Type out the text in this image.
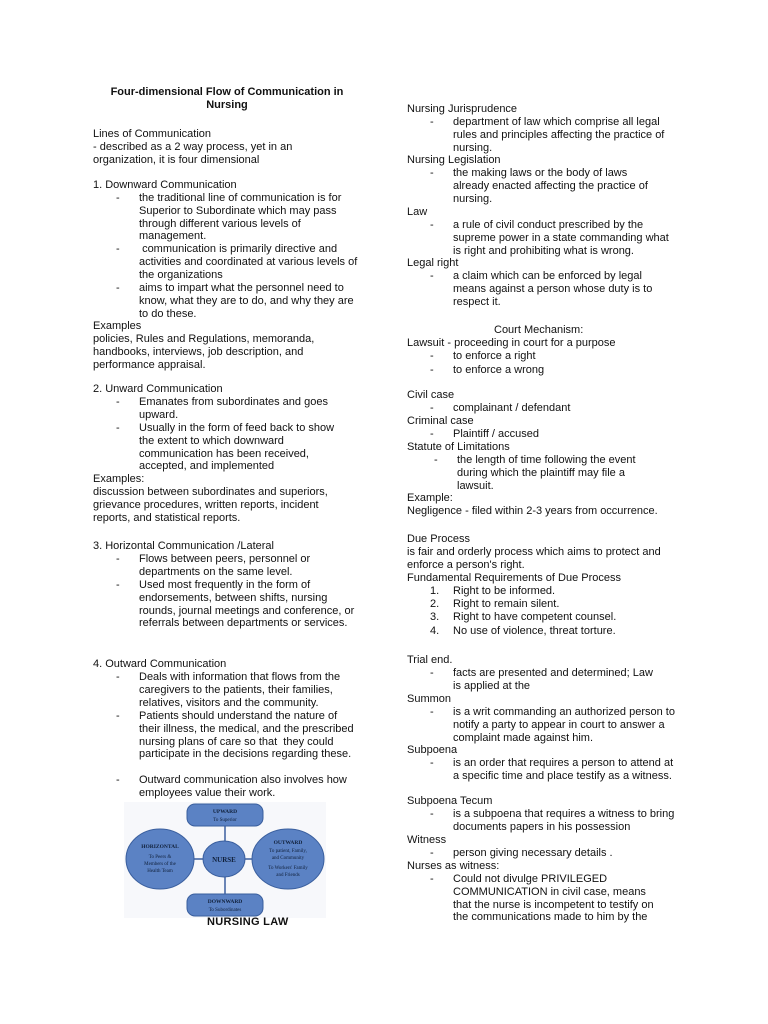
Four-dimensional Flow of Communication in Nursing
Lines of Communication
- described as a 2 way process, yet in an
organization, it is four dimensional
1. Downward Communication
- the traditional line of communication is for Superior to Subordinate which may pass through different various levels of management.
- communication is primarily directive and activities and coordinated at various levels of the organizations
- aims to impart what the personnel need to know, what they are to do, and why they are to do these.
Examples
policies, Rules and Regulations, memoranda,
handbooks, interviews, job description, and
performance appraisal.
2. Unward Communication
- Emanates from subordinates and goes upward.
- Usually in the form of feed back to show the extent to which downward communication has been received, accepted, and implemented
Examples:
discussion between subordinates and superiors,
grievance procedures, written reports, incident
reports, and statistical reports.
3. Horizontal Communication /Lateral
- Flows between peers, personnel or departments on the same level.
- Used most frequently in the form of endorsements, between shifts, nursing rounds, journal meetings and conference, or referrals between departments or services.
4. Outward Communication
- Deals with information that flows from the caregivers to the patients, their families, relatives, visitors and the community.
- Patients should understand the nature of their illness, the medical, and the prescribed nursing plans of care so that  they could participate in the decisions regarding these.
- Outward communication also involves how employees value their work.
UPWARD
To Superior
HORIZONTAL
To Peers &
Members of the
Health Team
NURSE
OUTWARD
To patient, Family,
and Community
To Workers' Family
and Friends
DOWNWARD
To Subordinates
NURSING LAW
Nursing Jurisprudence
- department of law which comprise all legal rules and principles affecting the practice of nursing.
Nursing Legislation
- the making laws or the body of laws already enacted affecting the practice of nursing.
Law
- a rule of civil conduct prescribed by the supreme power in a state commanding what is right and prohibiting what is wrong.
Legal right
- a claim which can be enforced by legal means against a person whose duty is to respect it.
Court Mechanism:
Lawsuit - proceeding in court for a purpose
- to enforce a right
- to enforce a wrong
Civil case
- complainant / defendant
Criminal case
- Plaintiff / accused
Statute of Limitations
- the length of time following the event during which the plaintiff may file a lawsuit.
Example:
Negligence - filed within 2-3 years from occurrence.
Due Process
is fair and orderly process which aims to protect and
enforce a person's right.
Fundamental Requirements of Due Process
1. Right to be informed.
2. Right to remain silent.
3. Right to have competent counsel.
4. No use of violence, threat torture.
Trial end.
- facts are presented and determined; Law is applied at the
Summon
- is a writ commanding an authorized person to notify a party to appear in court to answer a complaint made against him.
Subpoena
- is an order that requires a person to attend at a specific time and place testify as a witness.
Subpoena Tecum
- is a subpoena that requires a witness to bring documents papers in his possession
Witness
- person giving necessary details .
Nurses as witness:
- Could not divulge PRIVILEGED COMMUNICATION in civil case, means that the nurse is incompetent to testify on the communications made to him by the
